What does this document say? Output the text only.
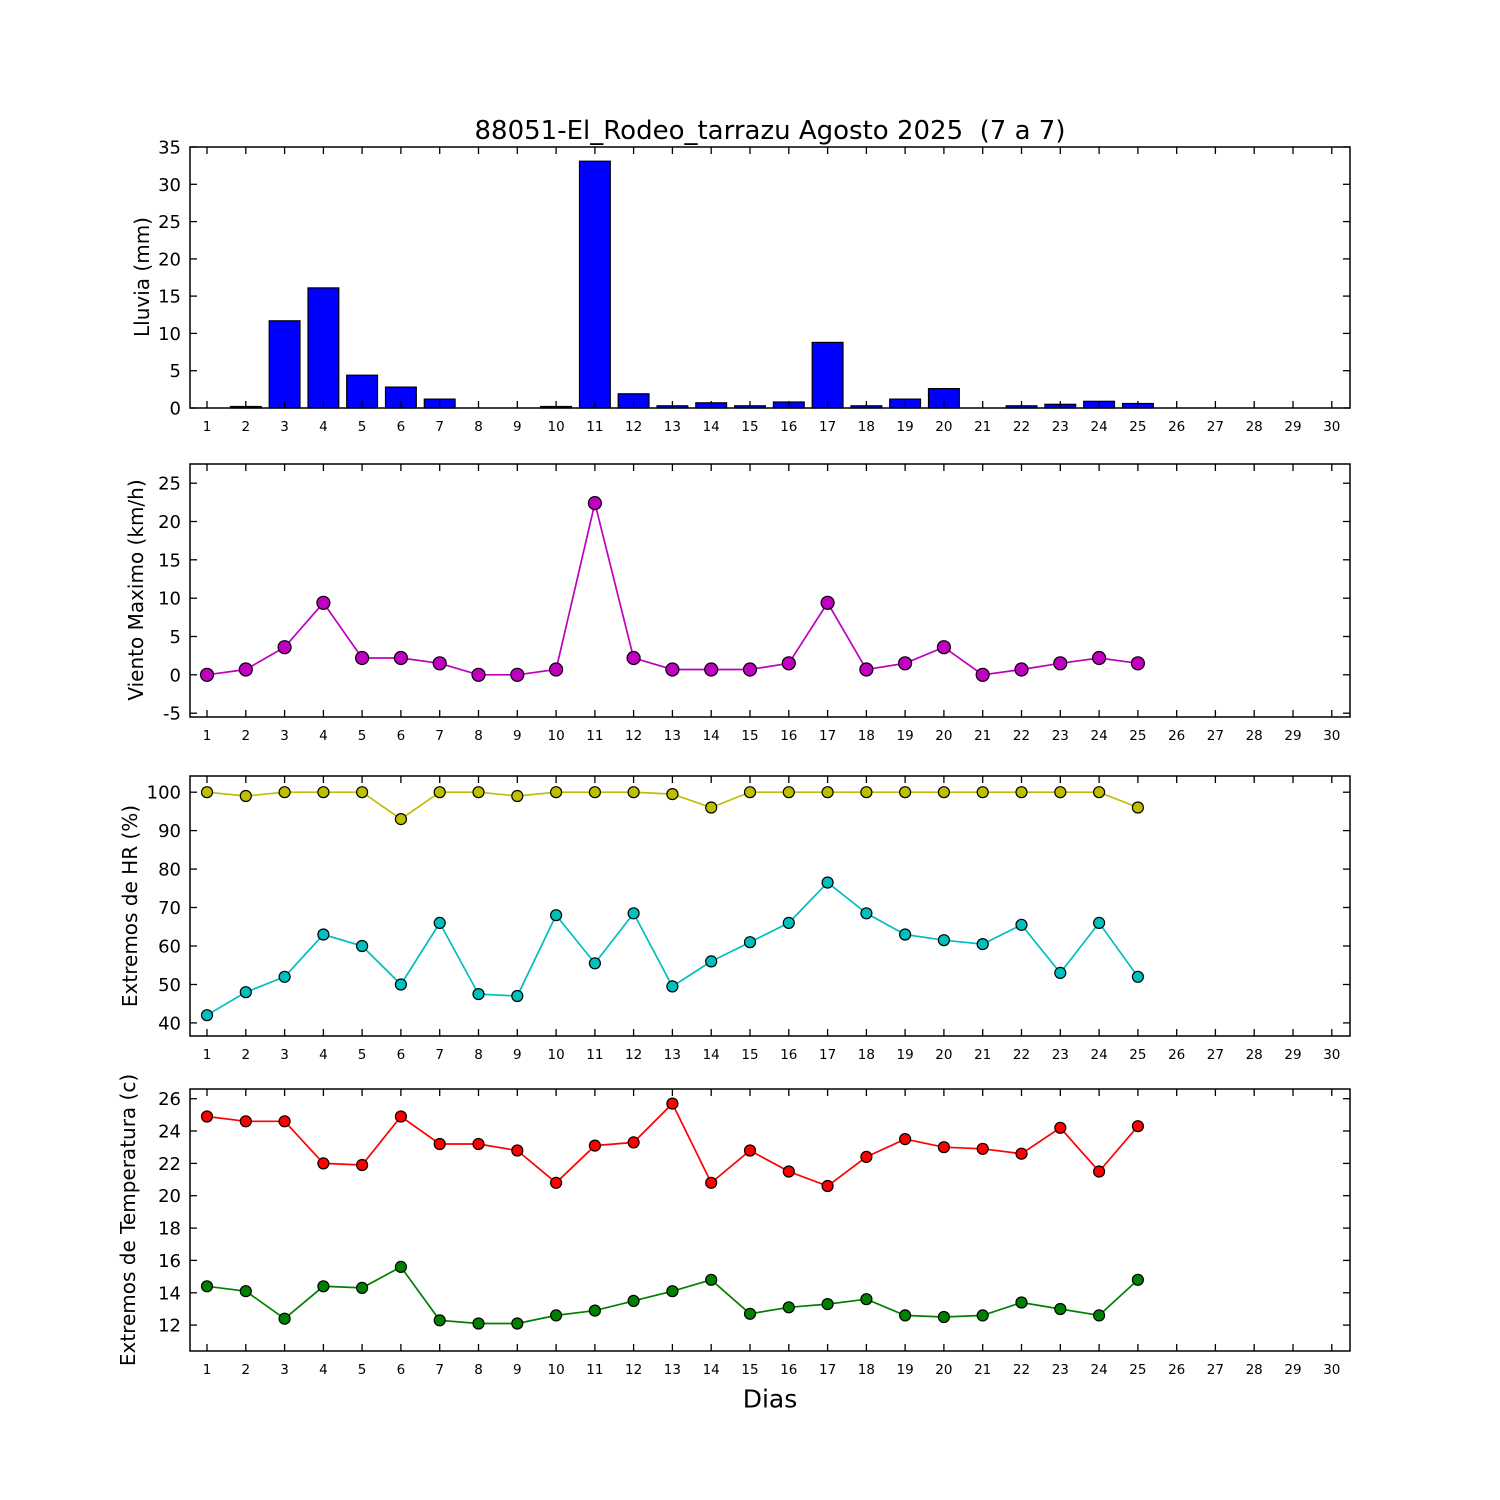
88051-El_Rodeo_tarrazu Agosto 2025  (7 a 7)
Lluvia (mm)
Viento Maximo (km/h)
Extremos de HR (%)
Extremos de Temperatura (c)
1 2 3 4 5 6 7 8 9 10 11 12 13 14 15 16 17 18 19 20 21 22 23 24 25 26 27 28 29 30
0
5
10
15
20
25
30
35
1 2 3 4 5 6 7 8 9 10 11 12 13 14 15 16 17 18 19 20 21 22 23 24 25 26 27 28 29 30
-5
0
5
10
15
20
25
1 2 3 4 5 6 7 8 9 10 11 12 13 14 15 16 17 18 19 20 21 22 23 24 25 26 27 28 29 30
40
50
60
70
80
90
100
1 2 3 4 5 6 7 8 9 10 11 12 13 14 15 16 17 18 19 20 21 22 23 24 25 26 27 28 29 30
12
14
16
18
20
22
24
26
Dias
